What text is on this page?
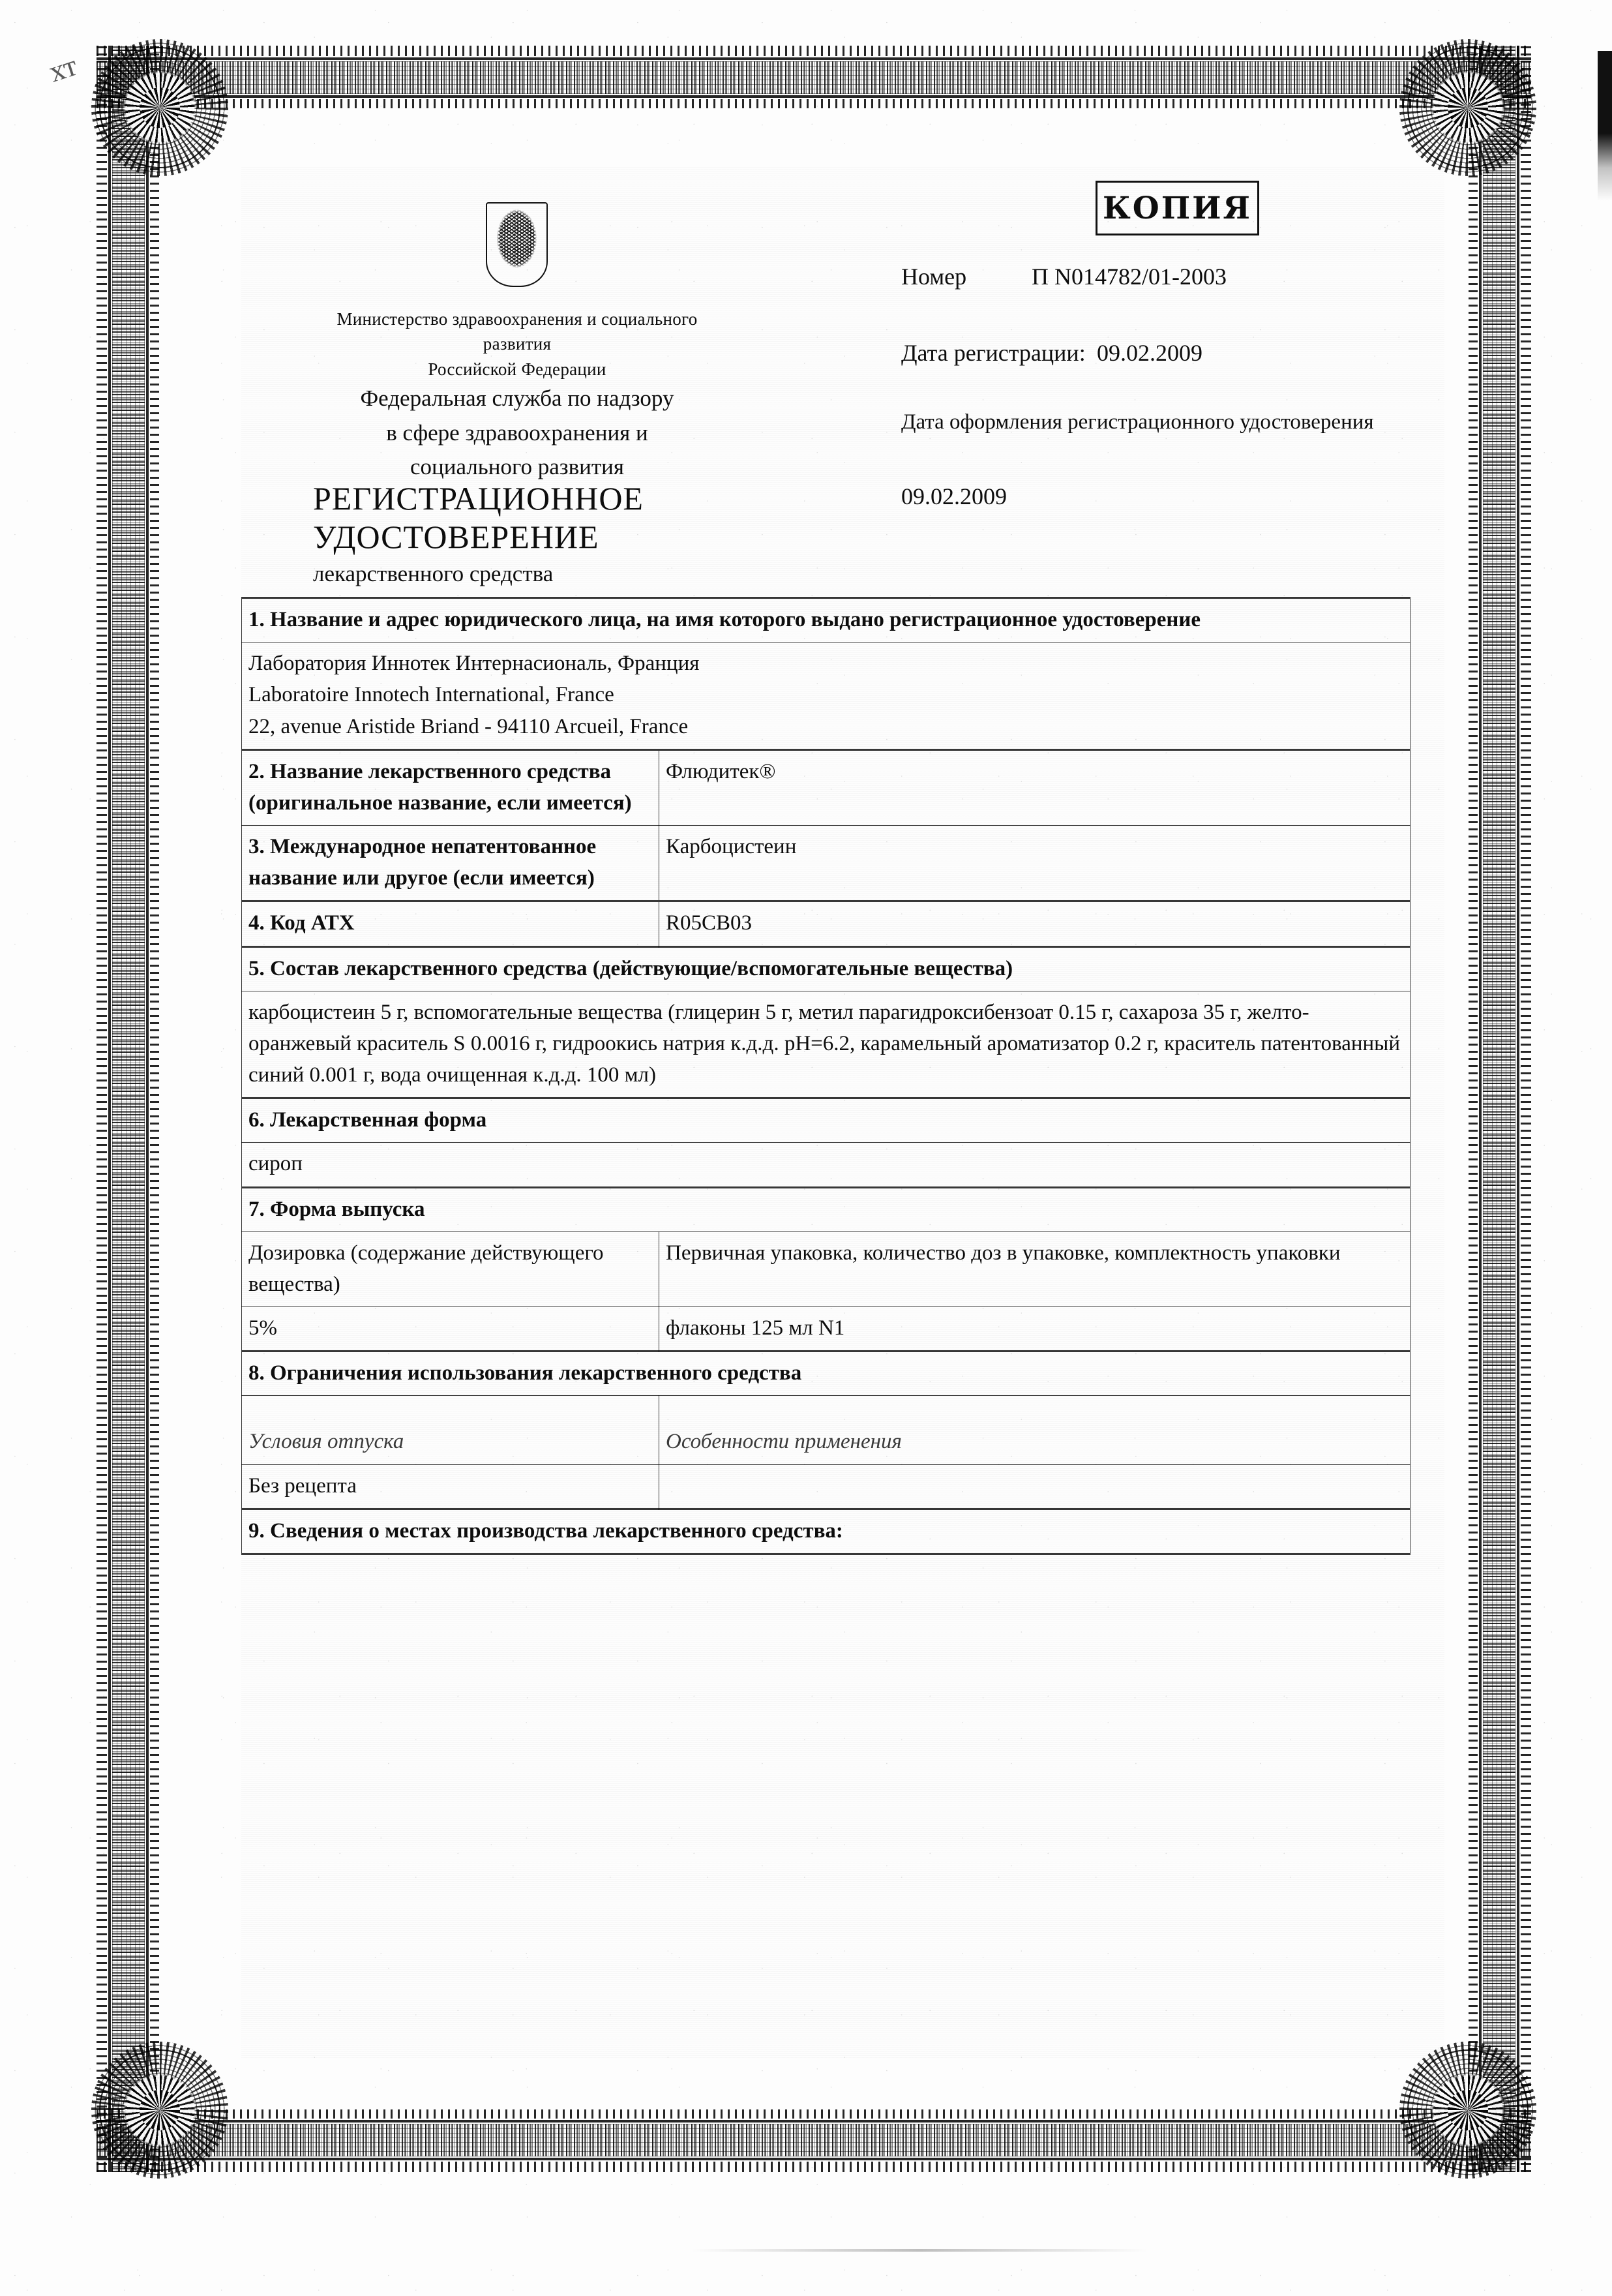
хт
Министерство здравоохранения и социального
развития
Российской Федерации
Федеральная служба по надзору
в сфере здравоохранения и
социального развития
РЕГИСТРАЦИОННОЕ
УДОСТОВЕРЕНИЕ
лекарственного средства
КОПИЯ
Номер	П N014782/01-2003
Дата регистрации: 09.02.2009
Дата оформления регистрационного удостоверения
09.02.2009
1. Название и адрес юридического лица, на имя которого выдано регистрационное удостоверение	

Лаборатория Иннотек Интернасиональ, Франция
Laboratoire Innotech International, France
22, avenue Aristide Briand - 94110 Arcueil, France	

2. Название лекарственного средства (оригинальное название, если имеется)	Флюдитек®
3. Международное непатентованное название или другое (если имеется)	Карбоцистеин
4. Код АТХ	R05CB03
5. Состав лекарственного средства (действующие/вспомогательные вещества)	
карбоцистеин 5 г, вспомогательные вещества (глицерин 5 г, метил парагидроксибензоат 0.15 г, сахароза 35 г, желто-оранжевый краситель S 0.0016 г, гидроокись натрия к.д.д. pH=6.2, карамельный ароматизатор 0.2 г, краситель патентованный синий 0.001 г, вода очищенная к.д.д. 100 мл)	
6. Лекарственная форма	
сироп	
7. Форма выпуска	
Дозировка (содержание действующего вещества)	Первичная упаковка, количество доз в упаковке, комплектность упаковки
5%	флаконы 125 мл N1
8. Ограничения использования лекарственного средства	
Условия отпуска	Особенности применения
Без рецепта	
9. Сведения о местах производства лекарственного средства:	
